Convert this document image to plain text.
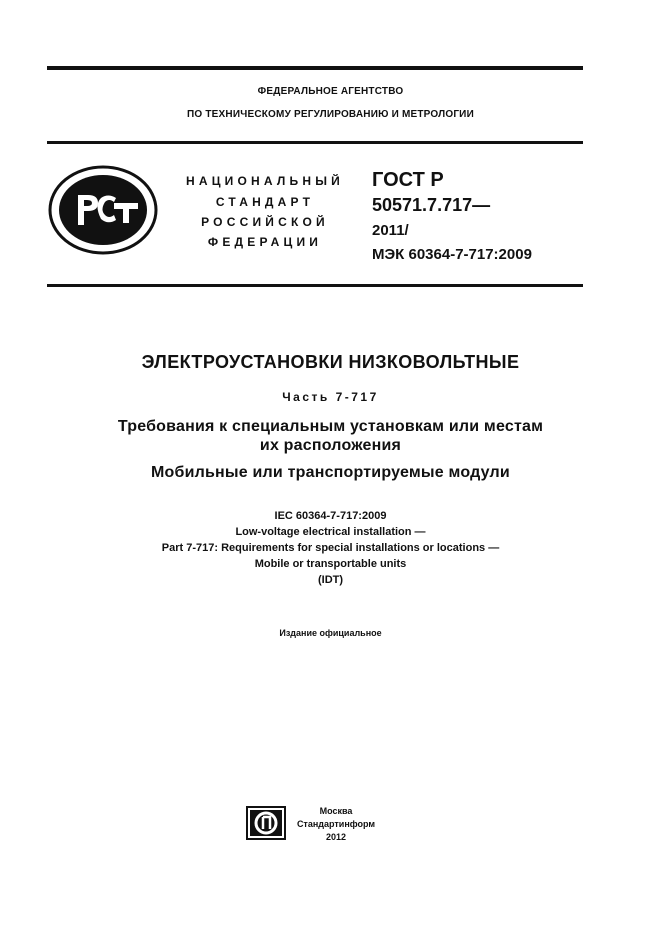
ФЕДЕРАЛЬНОЕ АГЕНТСТВО
ПО ТЕХНИЧЕСКОМУ РЕГУЛИРОВАНИЮ И МЕТРОЛОГИИ
НАЦИОНАЛЬНЫЙ
СТАНДАРТ
РОССИЙСКОЙ
ФЕДЕРАЦИИ
ГОСТ Р
50571.7.717—
2011/
МЭК 60364-7-717:2009
ЭЛЕКТРОУСТАНОВКИ НИЗКОВОЛЬТНЫЕ
Часть 7-717
Требования к специальным установкам или местам
их расположения
Мобильные или транспортируемые модули
IEC 60364-7-717:2009
Low-voltage electrical installation —
Part 7-717: Requirements for special installations or locations —
Mobile or transportable units
(IDT)
Издание официальное
Москва
Стандартинформ
2012
